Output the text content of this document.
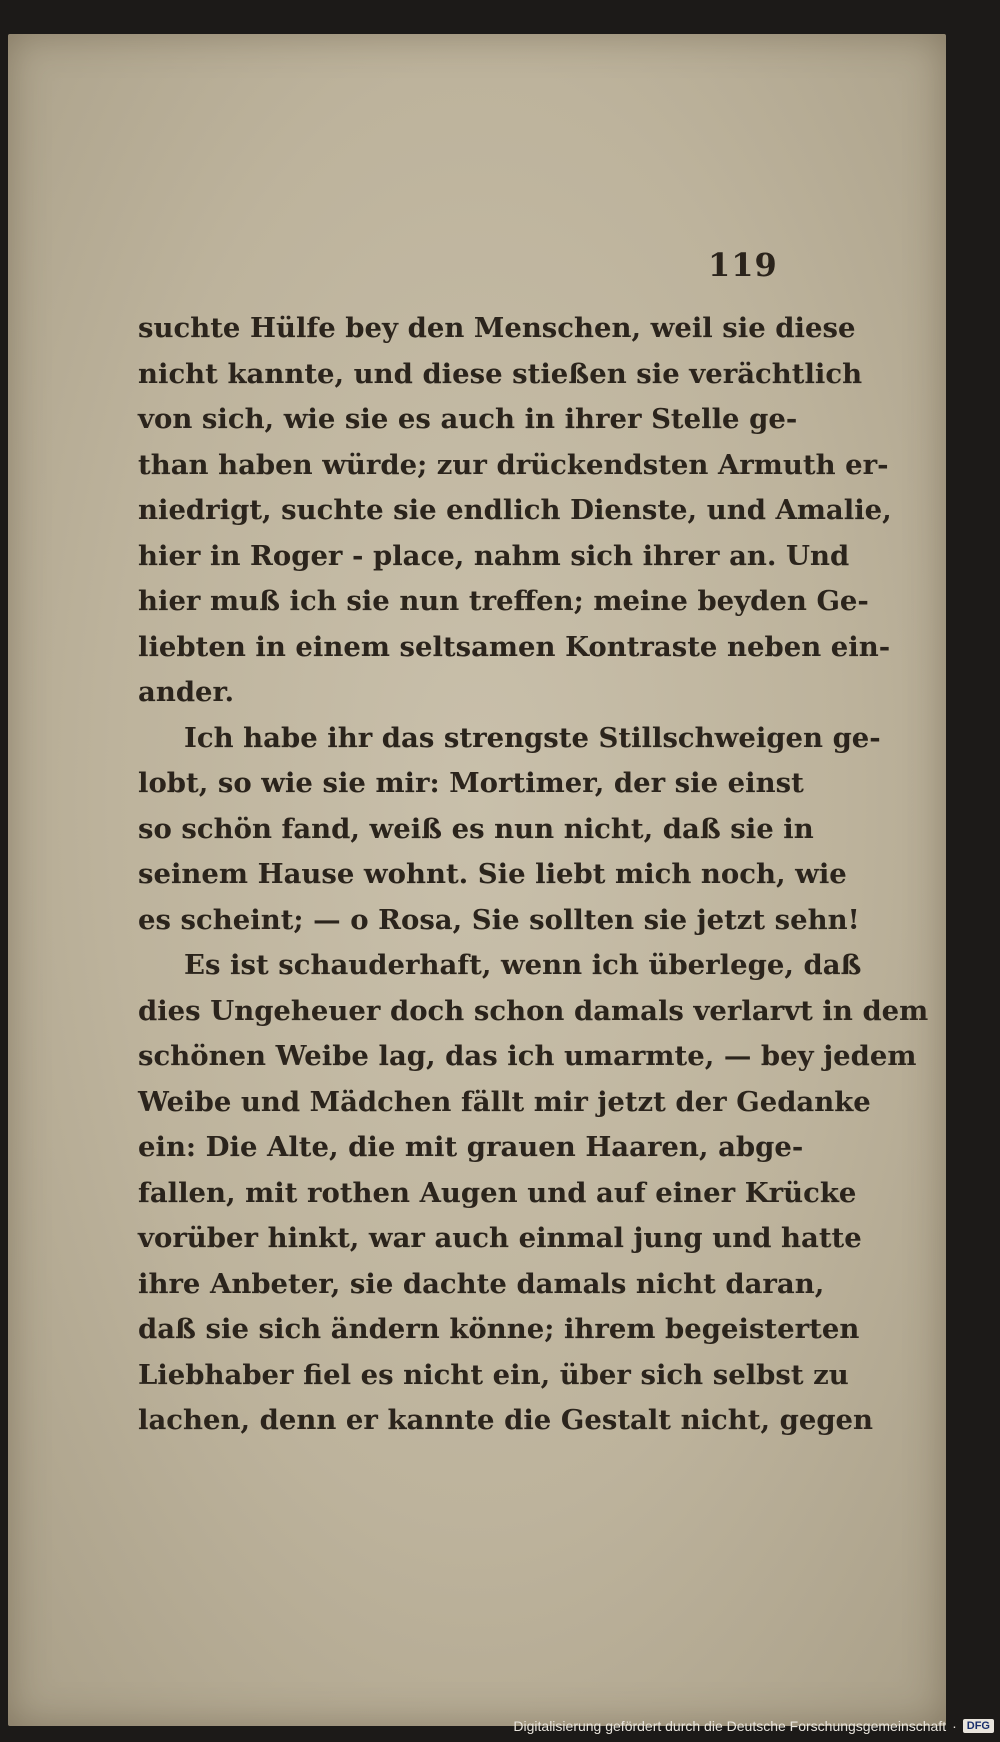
119
suchte Hülfe bey den Menschen, weil sie diese
nicht kannte, und diese stießen sie verächtlich
von sich, wie sie es auch in ihrer Stelle ge-
than haben würde; zur drückendsten Armuth er-
niedrigt, suchte sie endlich Dienste, und Amalie,
hier in Roger - place, nahm sich ihrer an. Und
hier muß ich sie nun treffen; meine beyden Ge-
liebten in einem seltsamen Kontraste neben ein-
ander.
Ich habe ihr das strengste Stillschweigen ge-
lobt, so wie sie mir: Mortimer, der sie einst
so schön fand, weiß es nun nicht, daß sie in
seinem Hause wohnt. Sie liebt mich noch, wie
es scheint; — o Rosa, Sie sollten sie jetzt sehn!
Es ist schauderhaft, wenn ich überlege, daß
dies Ungeheuer doch schon damals verlarvt in dem
schönen Weibe lag, das ich umarmte, — bey jedem
Weibe und Mädchen fällt mir jetzt der Gedanke
ein: Die Alte, die mit grauen Haaren, abge-
fallen, mit rothen Augen und auf einer Krücke
vorüber hinkt, war auch einmal jung und hatte
ihre Anbeter, sie dachte damals nicht daran,
daß sie sich ändern könne; ihrem begeisterten
Liebhaber fiel es nicht ein, über sich selbst zu
lachen, denn er kannte die Gestalt nicht, gegen
Digitalisierung gefördert durch die Deutsche Forschungsgemeinschaft · DFG
